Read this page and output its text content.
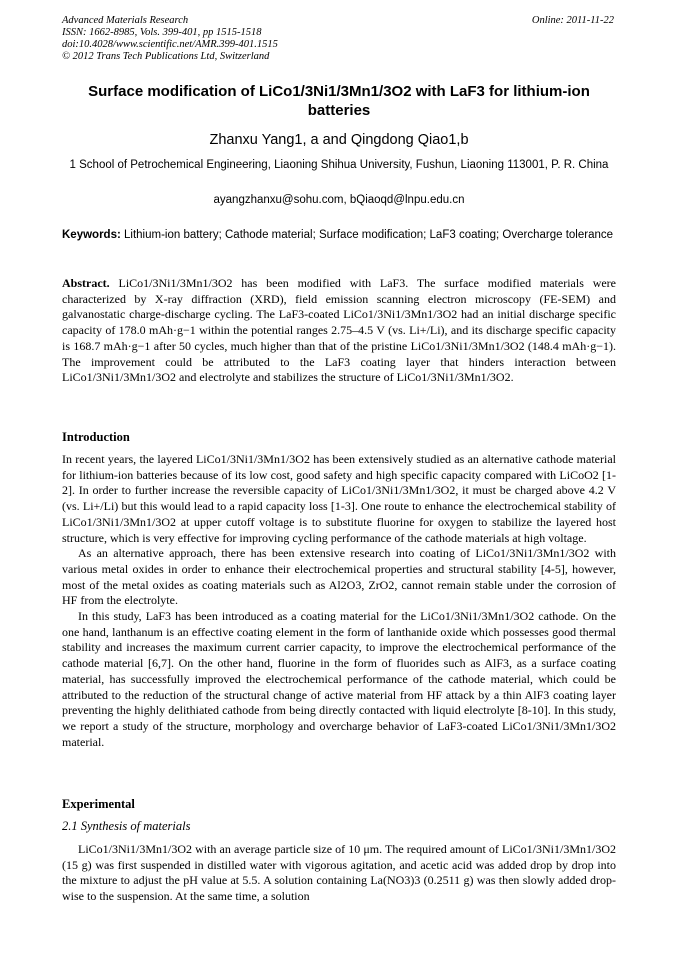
Advanced Materials Research
ISSN: 1662-8985, Vols. 399-401, pp 1515-1518
doi:10.4028/www.scientific.net/AMR.399-401.1515
© 2012 Trans Tech Publications Ltd, Switzerland
Online: 2011-11-22
Surface modification of LiCo1/3Ni1/3Mn1/3O2 with LaF3 for lithium-ion
batteries
Zhanxu Yang1, a and Qingdong Qiao1,b
1 School of Petrochemical Engineering, Liaoning Shihua University, Fushun, Liaoning 113001, P. R. China
ayangzhanxu@sohu.com, bQiaoqd@lnpu.edu.cn
Keywords: Lithium-ion battery; Cathode material; Surface modification; LaF3 coating; Overcharge tolerance

Abstract. LiCo1/3Ni1/3Mn1/3O2 has been modified with LaF3. The surface modified materials were characterized by X-ray diffraction (XRD), field emission scanning electron microscopy (FE-SEM) and galvanostatic charge-discharge cycling. The LaF3-coated LiCo1/3Ni1/3Mn1/3O2 had an initial discharge specific capacity of 178.0 mAh·g−1 within the potential ranges 2.75–4.5 V (vs. Li+/Li), and its discharge specific capacity is 168.7 mAh·g−1 after 50 cycles, much higher than that of the pristine LiCo1/3Ni1/3Mn1/3O2 (148.4 mAh·g−1). The improvement could be attributed to the LaF3 coating layer that hinders interaction between LiCo1/3Ni1/3Mn1/3O2 and electrolyte and stabilizes the structure of LiCo1/3Ni1/3Mn1/3O2.

Introduction

In recent years, the layered LiCo1/3Ni1/3Mn1/3O2 has been extensively studied as an alternative cathode material for lithium-ion batteries because of its low cost, good safety and high specific capacity compared with LiCoO2 [1-2]. In order to further increase the reversible capacity of LiCo1/3Ni1/3Mn1/3O2, it must be charged above 4.2 V (vs. Li+/Li) but this would lead to a rapid capacity loss [1-3]. One route to enhance the electrochemical stability of LiCo1/3Ni1/3Mn1/3O2 at upper cutoff voltage is to substitute fluorine for oxygen to stabilize the layered host structure, which is very effective for improving cycling performance of the cathode materials at high voltage.

As an alternative approach, there has been extensive research into coating of LiCo1/3Ni1/3Mn1/3O2 with various metal oxides in order to enhance their electrochemical properties and structural stability [4-5], however, most of the metal oxides as coating materials such as Al2O3, ZrO2, cannot remain stable under the corrosion of HF from the electrolyte.

In this study, LaF3 has been introduced as a coating material for the LiCo1/3Ni1/3Mn1/3O2 cathode. On the one hand, lanthanum is an effective coating element in the form of lanthanide oxide which possesses good thermal stability and increases the maximum current carrier capacity, to improve the electrochemical performance of the cathode material [6,7]. On the other hand, fluorine in the form of fluorides such as AlF3, as a surface coating material, has successfully improved the electrochemical performance of the cathode material, which could be attributed to the reduction of the structural change of active material from HF attack by a thin AlF3 coating layer preventing the highly delithiated cathode from being directly contacted with liquid electrolyte [8-10]. In this study, we report a study of the structure, morphology and overcharge behavior of LaF3-coated LiCo1/3Ni1/3Mn1/3O2 material.

Experimental
2.1 Synthesis of materials

LiCo1/3Ni1/3Mn1/3O2 with an average particle size of 10 μm. The required amount of LiCo1/3Ni1/3Mn1/3O2 (15 g) was first suspended in distilled water with vigorous agitation, and acetic acid was added drop by drop into the mixture to adjust the pH value at 5.5. A solution containing La(NO3)3 (0.2511 g) was then slowly added drop-wise to the suspension. At the same time, a solution
